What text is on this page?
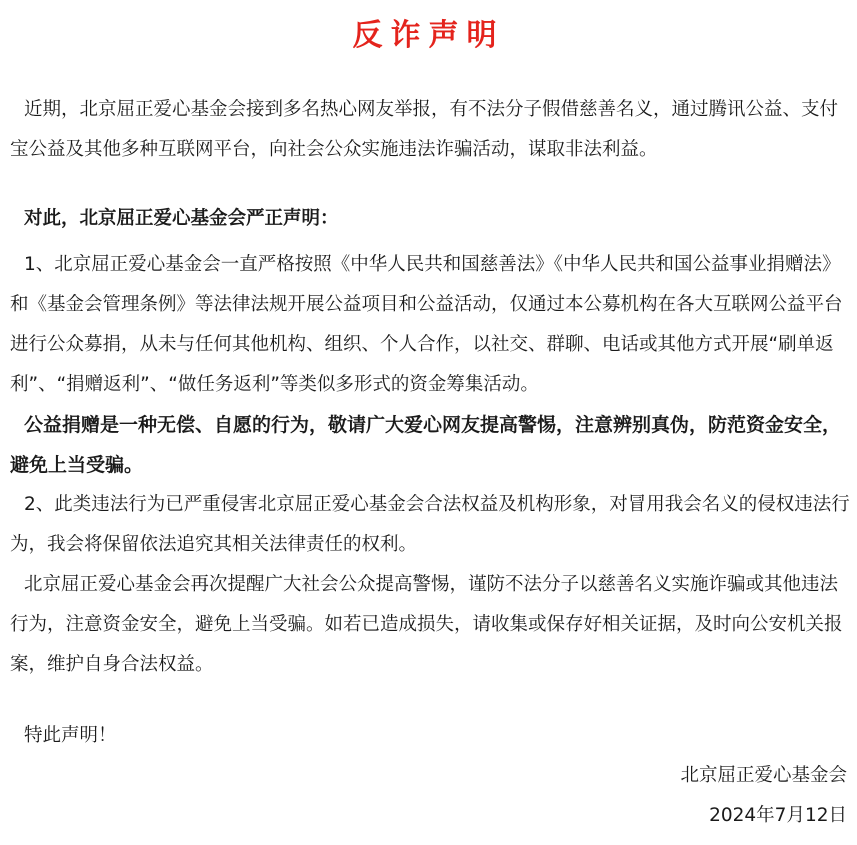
反诈声明

近期，北京屈正爱心基金会接到多名热心网友举报，有不法分子假借慈善名义，通过腾讯公益、支付宝公益及其他多种互联网平台，向社会公众实施违法诈骗活动，谋取非法利益。

对此，北京屈正爱心基金会严正声明：

1、北京屈正爱心基金会一直严格按照《中华人民共和国慈善法》《中华人民共和国公益事业捐赠法》和《基金会管理条例》等法律法规开展公益项目和公益活动，仅通过本公募机构在各大互联网公益平台进行公众募捐，从未与任何其他机构、组织、个人合作，以社交、群聊、电话或其他方式开展“刷单返利”、“捐赠返利”、“做任务返利”等类似多形式的资金筹集活动。

公益捐赠是一种无偿、自愿的行为，敬请广大爱心网友提高警惕，注意辨别真伪，防范资金安全，避免上当受骗。

2、此类违法行为已严重侵害北京屈正爱心基金会合法权益及机构形象，对冒用我会名义的侵权违法行为，我会将保留依法追究其相关法律责任的权利。

北京屈正爱心基金会再次提醒广大社会公众提高警惕，谨防不法分子以慈善名义实施诈骗或其他违法行为，注意资金安全，避免上当受骗。如若已造成损失，请收集或保存好相关证据，及时向公安机关报案，维护自身合法权益。

特此声明！

北京屈正爱心基金会
2024年7月12日
